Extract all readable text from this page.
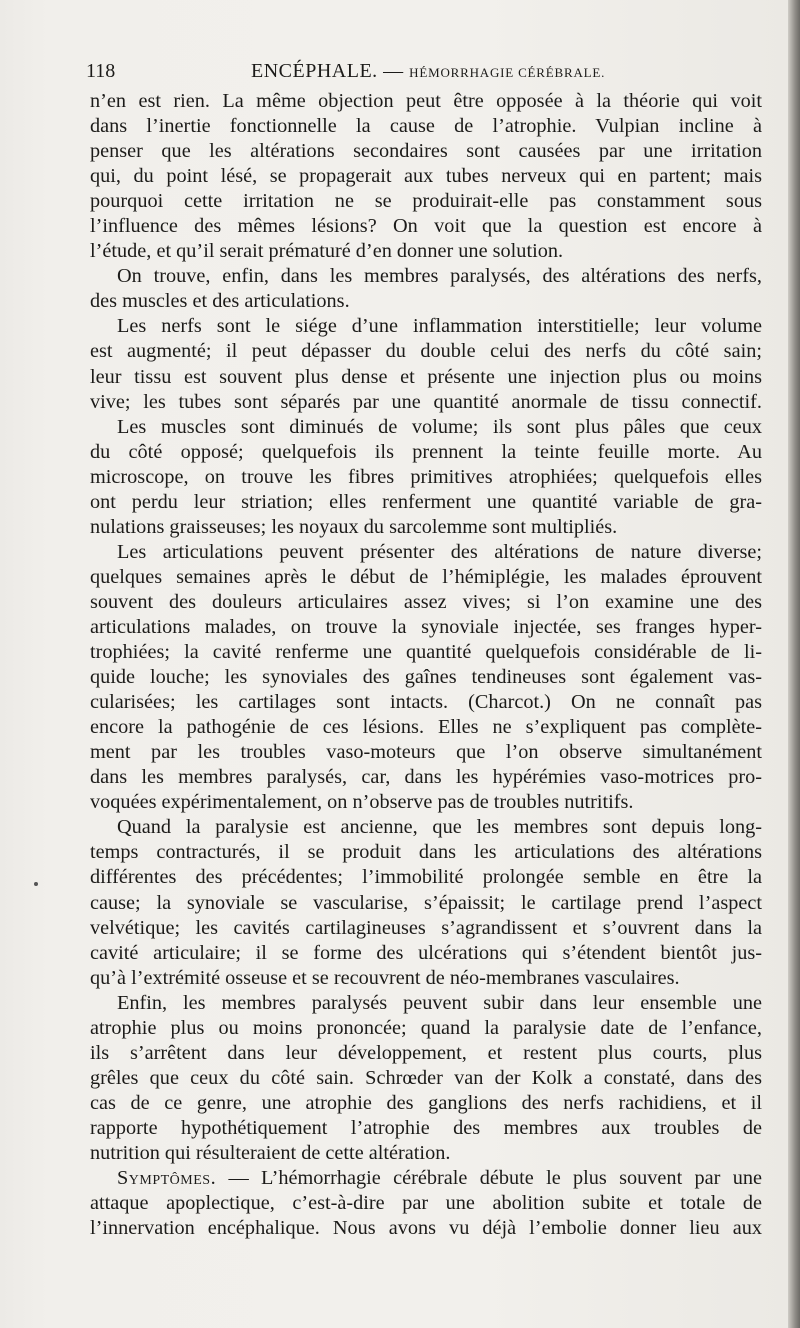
118	ENCÉPHALE. — HÉMORRHAGIE CÉRÉBRALE.

n’en est rien. La même objection peut être opposée à la théorie qui voit

dans l’inertie fonctionnelle la cause de l’atrophie. Vulpian incline à

penser que les altérations secondaires sont causées par une irritation

qui, du point lésé, se propagerait aux tubes nerveux qui en partent; mais

pourquoi cette irritation ne se produirait-elle pas constamment sous

l’influence des mêmes lésions? On voit que la question est encore à

l’étude, et qu’il serait prématuré d’en donner une solution.

On trouve, enfin, dans les membres paralysés, des altérations des nerfs,

des muscles et des articulations.

Les nerfs sont le siége d’une inflammation interstitielle; leur volume

est augmenté; il peut dépasser du double celui des nerfs du côté sain;

leur tissu est souvent plus dense et présente une injection plus ou moins

vive; les tubes sont séparés par une quantité anormale de tissu connectif.

Les muscles sont diminués de volume; ils sont plus pâles que ceux

du côté opposé; quelquefois ils prennent la teinte feuille morte. Au

microscope, on trouve les fibres primitives atrophiées; quelquefois elles

ont perdu leur striation; elles renferment une quantité variable de gra-

nulations graisseuses; les noyaux du sarcolemme sont multipliés.

Les articulations peuvent présenter des altérations de nature diverse;

quelques semaines après le début de l’hémiplégie, les malades éprouvent

souvent des douleurs articulaires assez vives; si l’on examine une des

articulations malades, on trouve la synoviale injectée, ses franges hyper-

trophiées; la cavité renferme une quantité quelquefois considérable de li-

quide louche; les synoviales des gaînes tendineuses sont également vas-

cularisées; les cartilages sont intacts. (Charcot.) On ne connaît pas

encore la pathogénie de ces lésions. Elles ne s’expliquent pas complète-

ment par les troubles vaso-moteurs que l’on observe simultanément

dans les membres paralysés, car, dans les hypérémies vaso-motrices pro-

voquées expérimentalement, on n’observe pas de troubles nutritifs.

Quand la paralysie est ancienne, que les membres sont depuis long-

temps contracturés, il se produit dans les articulations des altérations

différentes des précédentes; l’immobilité prolongée semble en être la

cause; la synoviale se vascularise, s’épaissit; le cartilage prend l’aspect

velvétique; les cavités cartilagineuses s’agrandissent et s’ouvrent dans la

cavité articulaire; il se forme des ulcérations qui s’étendent bientôt jus-

qu’à l’extrémité osseuse et se recouvrent de néo-membranes vasculaires.

Enfin, les membres paralysés peuvent subir dans leur ensemble une

atrophie plus ou moins prononcée; quand la paralysie date de l’enfance,

ils s’arrêtent dans leur développement, et restent plus courts, plus

grêles que ceux du côté sain. Schrœder van der Kolk a constaté, dans des

cas de ce genre, une atrophie des ganglions des nerfs rachidiens, et il

rapporte hypothétiquement l’atrophie des membres aux troubles de

nutrition qui résulteraient de cette altération.

Symptômes. — L’hémorrhagie cérébrale débute le plus souvent par une

attaque apoplectique, c’est-à-dire par une abolition subite et totale de

l’innervation encéphalique. Nous avons vu déjà l’embolie donner lieu aux
